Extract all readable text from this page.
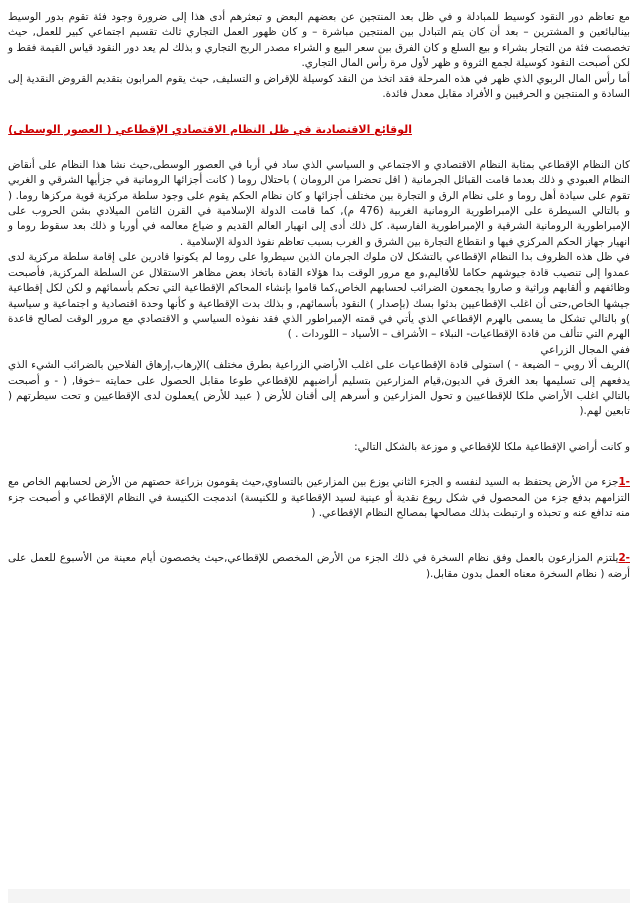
مع تعاظم دور النقود كوسيط للمبادلة و في ظل بعد المنتجين عن بعضهم البعض و تبعثرهم أدى هذا إلى ضرورة وجود فئة تقوم بدور الوسيط بينالبائعين و المشترين – بعد أن كان يتم التبادل بين المنتجين مباشرة – و كان ظهور العمل التجاري ثالث تقسيم اجتماعي كبير للعمل, حيث تخصصت فئة من التجار بشراء و بيع السلع و كان الفرق بين سعر البيع و الشراء مصدر الربح التجاري و بذلك لم يعد دور النقود قياس القيمة فقط و لكن أصبحت النقود كوسيلة لجمع الثروة و ظهر لأول مرة رأس المال التجاري.

أما رأس المال الربوي الذي ظهر في هذه المرحلة فقد اتخذ من النقد كوسيلة للإقراض و التسليف, حيث يقوم المرابون بتقديم القروض النقدية إلى السادة و المنتجين و الحرفيين و الأفراد مقابل معدل فائدة.

الوقائع الاقتصادية في ظل النظام الاقتصادي الإقطاعي ( العصور الوسطى)

كان النظام الإقطاعي بمثابة النظام الاقتصادي و الاجتماعي و السياسي الذي ساد في أربا في العصور الوسطى,حيث نشا هذا النظام على أنقاض النظام العبودي و ذلك بعدما قامت القبائل الجرمانية ( اقل تحضرا من الرومان ) باحتلال روما ( كانت أجزائها الرومانية في جزأيها الشرقي و الغربي تقوم على سيادة أهل روما و على نظام الرق و التجارة بين مختلف أجزائها و كان نظام الحكم يقوم على وجود سلطة مركزية قوية مركزها روما. ( و بالتالي السيطرة على الإمبراطورية الرومانية الغربية (476 م), كما قامت الدولة الإسلامية في القرن الثامن الميلادي بشن الحروب على الإمبراطورية الرومانية الشرقية و الإمبراطورية الفارسية. كل ذلك أدى إلى انهيار العالم القديم و ضياع معالمه في أوربا و ذلك بعد سقوط روما و انهيار جهاز الحكم المركزي فيها و انقطاع التجارة بين الشرق و الغرب بسبب تعاظم نفوذ الدولة الإسلامية .

في ظل هذه الظروف بدا النظام الإقطاعي بالتشكل لان ملوك الجرمان الذين سيطروا على روما لم يكونوا قادرين على إقامة سلطة مركزية لدى عمدوا إلى تنصيب قادة جيوشهم حكاما للأقاليم,و مع مرور الوقت بدا هؤلاء القادة باتخاذ بعض مظاهر الاستقلال عن السلطة المركزية, فأصبحت وظائفهم و ألقابهم وراثية و صاروا يجمعون الضرائب لحسابهم الخاص,كما قاموا بإنشاء المحاكم الإقطاعية التي تحكم بأسمائهم و لكن لكل إقطاعية جيشها الخاص,حتى أن اغلب الإقطاعيين بدئوا بسك (بإصدار ) النقود بأسمائهم, و بذلك بدت الإقطاعية و كأنها وحدة اقتصادية و اجتماعية و سياسية )و بالتالي تشكل ما يسمى بالهرم الإقطاعي الذي يأتي في قمته الإمبراطور الذي فقد نفوذه السياسي و الاقتصادي مع مرور الوقت لصالح قاعدة الهرم التي تتألف من قادة الإقطاعيات- النبلاء – الأشراف – الأسياد – اللوردات . )

ففي المجال الزراعي

)الريف ألا روبي – الضيعة - ) استولى قادة الإقطاعيات على اغلب الأراضي الزراعية بطرق مختلف )الإرهاب,إرهاق الفلاحين بالضرائب الشيء الذي يدفعهم إلى تسليمها بعد الغرق في الديون,قيام المزارعين بتسليم أراضيهم للإقطاعي طوعا مقابل الحصول على حمايته –خوفا, ( - و أصبحت بالتالي اغلب الأراضي ملكا للإقطاعيين و تحول المزارعين و أسرهم إلى أقنان للأرض ( عبيد للأرض )يعملون لدى الإقطاعيين و تحت سيطرتهم ( تابعين لهم.(

و كانت أراضي الإقطاعية ملكا للإقطاعي و موزعة بالشكل التالي:

-1جزء من الأرض يحتفظ به السيد لنفسه و الجزء الثاني يوزع بين المزارعين بالتساوي,حيث يقومون بزراعة حصتهم من الأرض لحسابهم الخاص مع التزامهم بدفع جزء من المحصول في شكل ريوع نقدية أو عينية لسيد الإقطاعية و للكنيسة) اندمجت الكنيسة في النظام الإقطاعي و أصبحت جزء منه تدافع عنه و تحبذه و ارتبطت بذلك مصالحها بمصالح النظام الإقطاعي. (

-2يلتزم المزارعون بالعمل وفق نظام السخرة في ذلك الجزء من الأرض المخصص للإقطاعي,حيث يخصصون أيام معينة من الأسبوع للعمل على أرضه ( نظام السخرة معناه العمل بدون مقابل.(
